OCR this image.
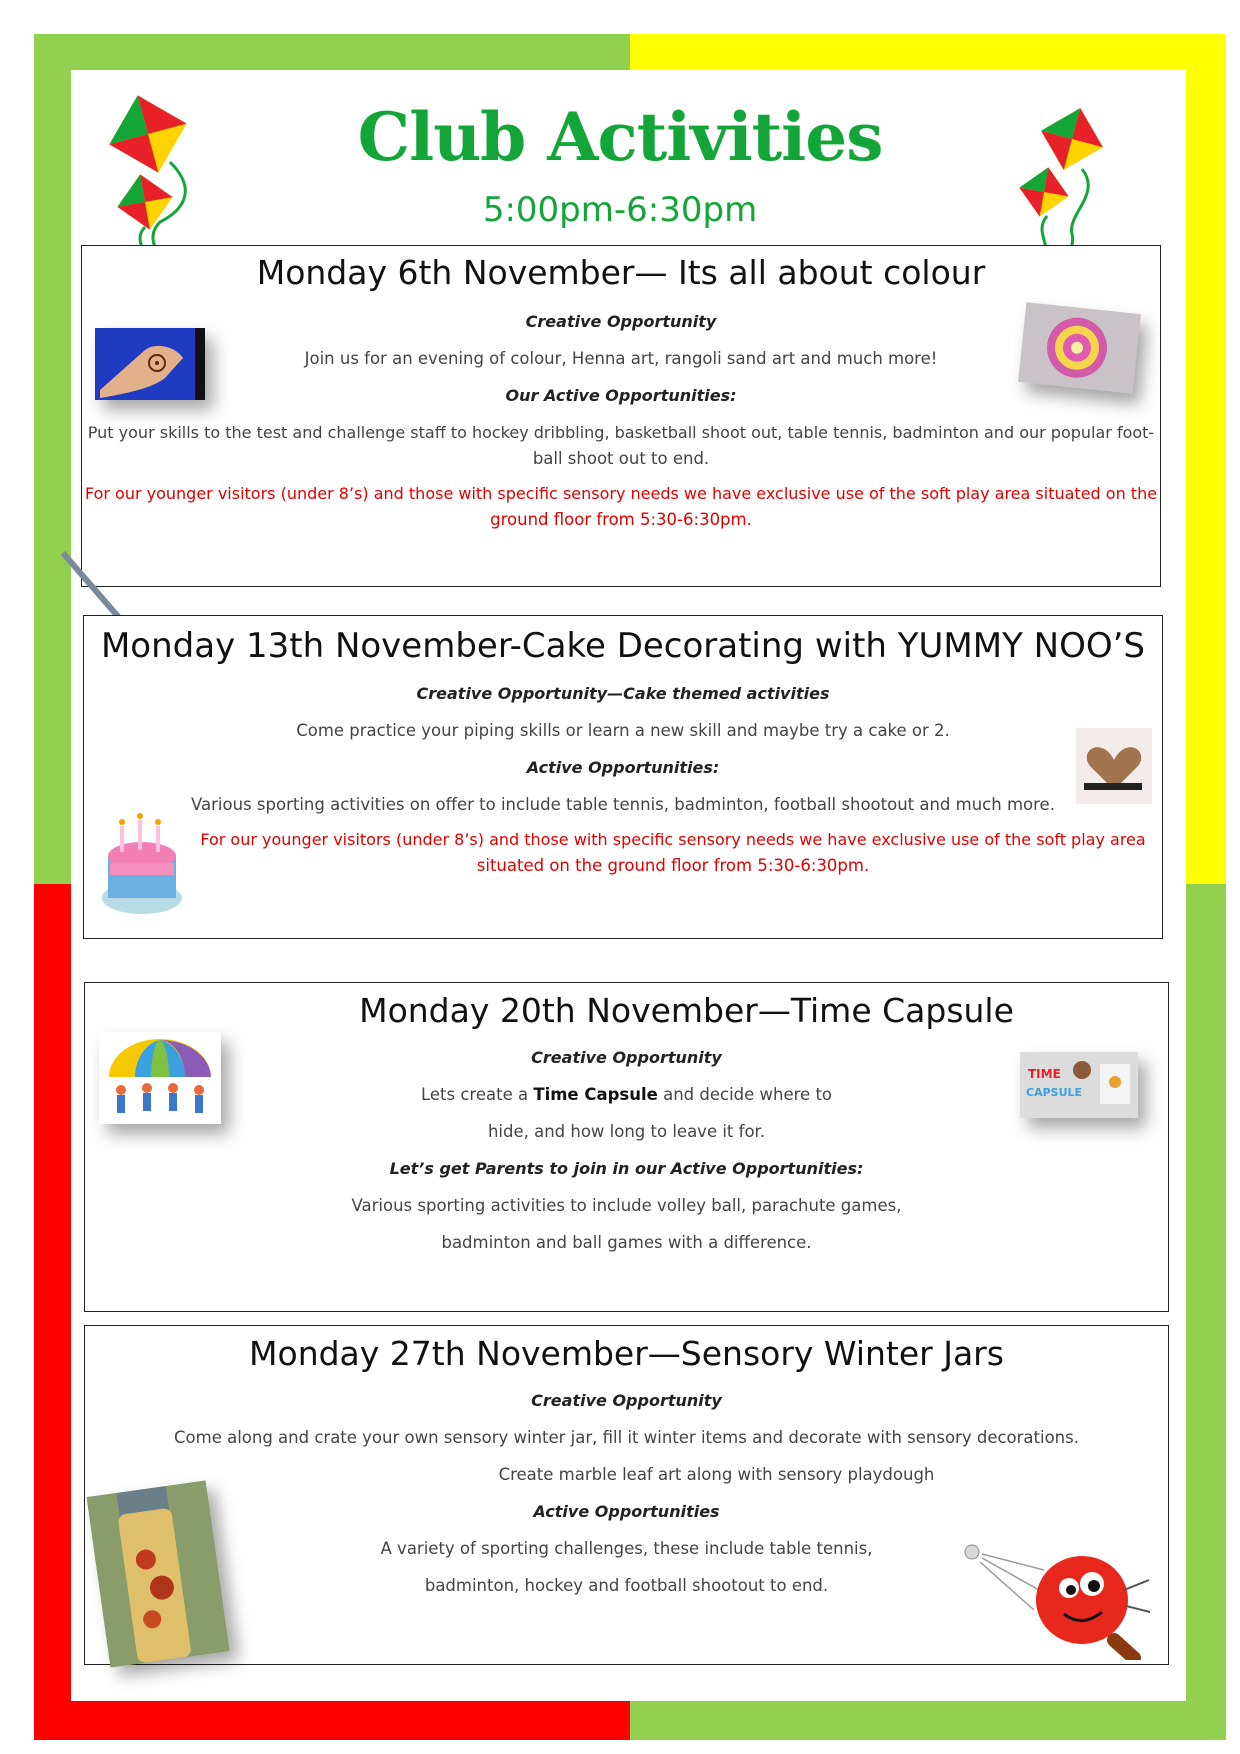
Club Activities
5:00pm-6:30pm
Monday 6th November— Its all about colour
Creative Opportunity
Join us for an evening of colour, Henna art, rangoli sand art and much more!
Our Active Opportunities:
Put your skills to the test and challenge staff to hockey dribbling, basketball shoot out, table tennis, badminton and our popular foot-
ball shoot out to end.
For our younger visitors (under 8’s) and those with specific sensory needs we have exclusive use of the soft play area situated on the
ground floor from 5:30-6:30pm.
Monday 13th November-Cake Decorating with YUMMY NOO’S
Creative Opportunity—Cake themed activities
Come practice your piping skills or learn a new skill and maybe try a cake or 2.
Active Opportunities:
Various sporting activities on offer to include table tennis, badminton, football shootout and much more.
For our younger visitors (under 8’s) and those with specific sensory needs we have exclusive use of the soft play area
situated on the ground floor from 5:30-6:30pm.
Monday 20th November—Time Capsule
Creative Opportunity
Lets create a Time Capsule and decide where to
hide, and how long to leave it for.
Let’s get Parents to join in our Active Opportunities:
Various sporting activities to include volley ball, parachute games,
badminton and ball games with a difference.
TIME
CAPSULE
Monday 27th November—Sensory Winter Jars
Creative Opportunity
Come along and crate your own sensory winter jar, fill it winter items and decorate with sensory decorations.
Create marble leaf art along with sensory playdough
Active Opportunities
A variety of sporting challenges, these include table tennis,
badminton, hockey and football shootout to end.
